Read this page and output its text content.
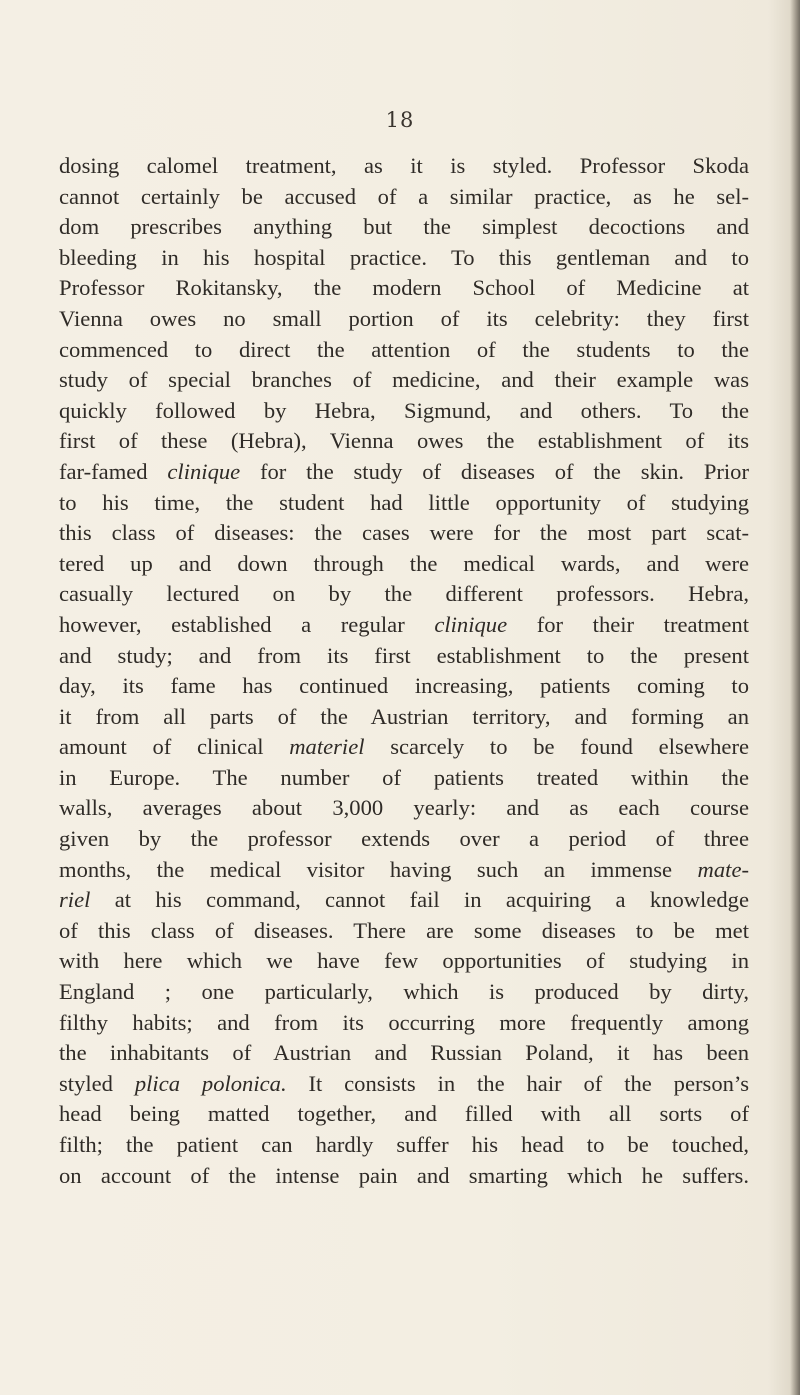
18
dosing calomel treatment, as it is styled. Professor Skoda
cannot certainly be accused of a similar practice, as he sel-
dom prescribes anything but the simplest decoctions and
bleeding in his hospital practice. To this gentleman and to
Professor Rokitansky, the modern School of Medicine at
Vienna owes no small portion of its celebrity: they first
commenced to direct the attention of the students to the
study of special branches of medicine, and their example was
quickly followed by Hebra, Sigmund, and others. To the
first of these (Hebra), Vienna owes the establishment of its
far-famed clinique for the study of diseases of the skin. Prior
to his time, the student had little opportunity of studying
this class of diseases: the cases were for the most part scat-
tered up and down through the medical wards, and were
casually lectured on by the different professors. Hebra,
however, established a regular clinique for their treatment
and study; and from its first establishment to the present
day, its fame has continued increasing, patients coming to
it from all parts of the Austrian territory, and forming an
amount of clinical materiel scarcely to be found elsewhere
in Europe. The number of patients treated within the
walls, averages about 3,000 yearly: and as each course
given by the professor extends over a period of three
months, the medical visitor having such an immense mate-
riel at his command, cannot fail in acquiring a knowledge
of this class of diseases. There are some diseases to be met
with here which we have few opportunities of studying in
England ; one particularly, which is produced by dirty,
filthy habits; and from its occurring more frequently among
the inhabitants of Austrian and Russian Poland, it has been
styled plica polonica. It consists in the hair of the person’s
head being matted together, and filled with all sorts of
filth; the patient can hardly suffer his head to be touched,
on account of the intense pain and smarting which he suffers.
